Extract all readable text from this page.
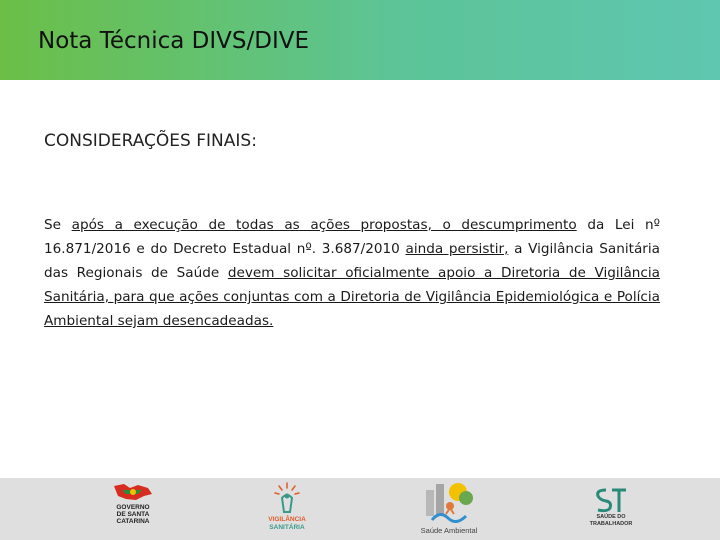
Nota Técnica DIVS/DIVE
CONSIDERAÇÕES FINAIS:
Se após a execução de todas as ações propostas, o descumprimento da Lei nº 16.871/2016 e do Decreto Estadual nº. 3.687/2010 ainda persistir, a Vigilância Sanitária das Regionais de Saúde devem solicitar oficialmente apoio a Diretoria de Vigilância Sanitária, para que ações conjuntas com a Diretoria de Vigilância Epidemiológica e Polícia Ambiental sejam desencadeadas.
GOVERNO
DE SANTA
CATARINA	VIGILÂNCIA
SANITÁRIA	Saúde Ambiental
SAÚDE DO
TRABALHADOR
